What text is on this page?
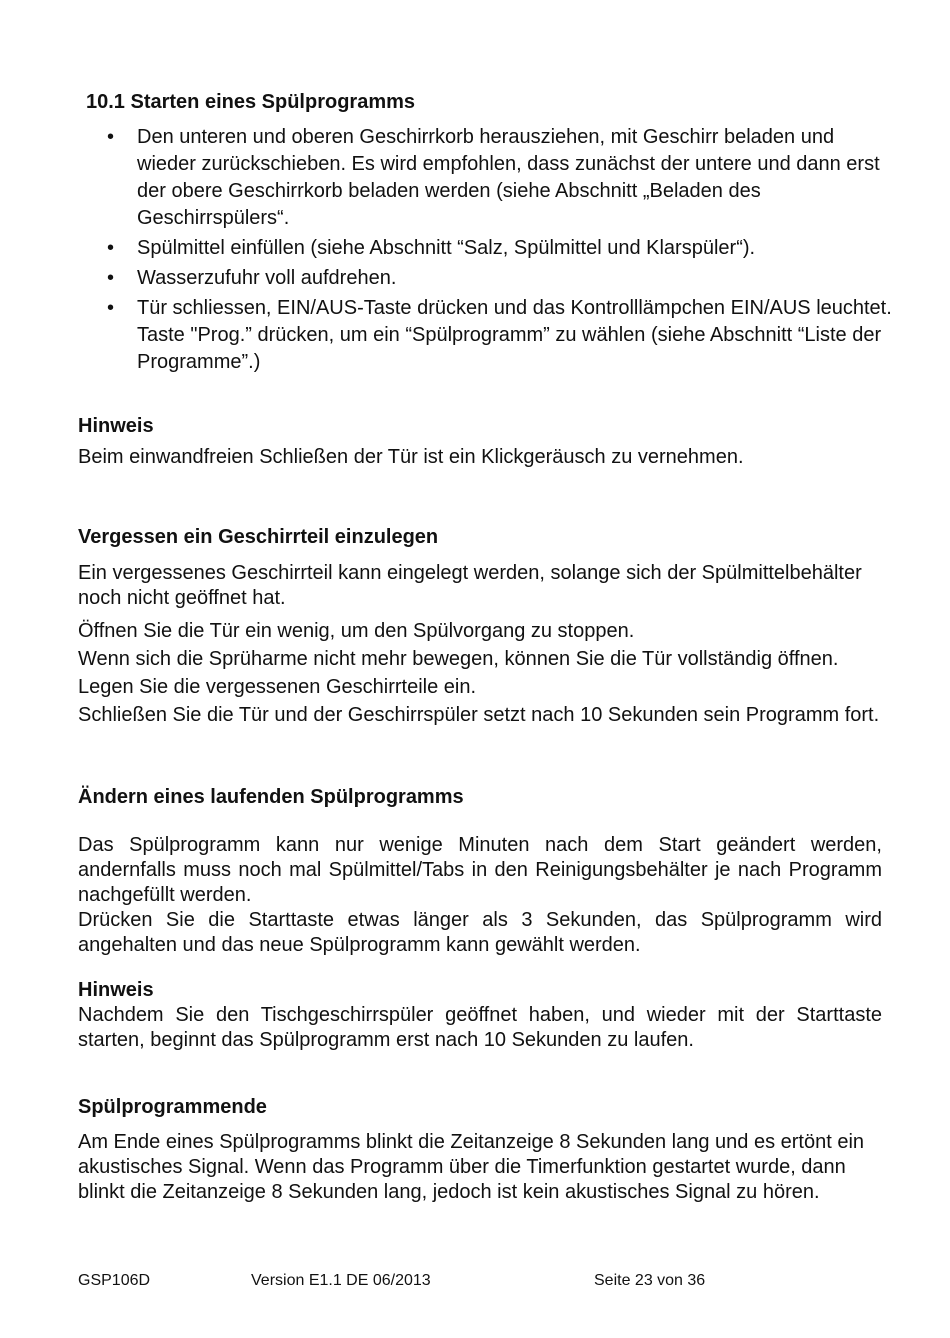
10.1 Starten eines Spülprogramms
• Den unteren und oberen Geschirrkorb herausziehen, mit Geschirr beladen und wieder zurückschieben. Es wird empfohlen, dass zunächst der untere und dann erst der obere Geschirrkorb beladen werden (siehe Abschnitt „Beladen des Geschirrspülers“.
• Spülmittel einfüllen (siehe Abschnitt “Salz, Spülmittel und Klarspüler“).
• Wasserzufuhr voll aufdrehen.
• Tür schliessen, EIN/AUS-Taste drücken und das Kontrolllämpchen EIN/AUS leuchtet. Taste "Prog.” drücken, um ein “Spülprogramm” zu wählen (siehe Abschnitt “Liste der Programme”.)
Hinweis
Beim einwandfreien Schließen der Tür ist ein Klickgeräusch zu vernehmen.
Vergessen ein Geschirrteil einzulegen

Ein vergessenes Geschirrteil kann eingelegt werden, solange sich der Spülmittelbehälter noch nicht geöffnet hat.

Öffnen Sie die Tür ein wenig, um den Spülvorgang zu stoppen.

Wenn sich die Sprüharme nicht mehr bewegen, können Sie die Tür vollständig öffnen.

Legen Sie die vergessenen Geschirrteile ein.

Schließen Sie die Tür und der Geschirrspüler setzt nach 10 Sekunden sein Programm fort.

Ändern eines laufenden Spülprogramms

Das Spülprogramm kann nur wenige Minuten nach dem Start geändert werden, andernfalls muss noch mal Spülmittel/Tabs in den Reinigungsbehälter je nach Programm nachgefüllt werden.

Drücken Sie die Starttaste etwas länger als 3 Sekunden, das Spülprogramm wird angehalten und das neue Spülprogramm kann gewählt werden.

Hinweis

Nachdem Sie den Tischgeschirrspüler geöffnet haben, und wieder mit der Starttaste starten, beginnt das Spülprogramm erst nach 10 Sekunden zu laufen.

Spülprogrammende

Am Ende eines Spülprogramms blinkt die Zeitanzeige 8 Sekunden lang und es ertönt ein akustisches Signal. Wenn das Programm über die Timerfunktion gestartet wurde, dann blinkt die Zeitanzeige 8 Sekunden lang, jedoch ist kein akustisches Signal zu hören.

GSP106D	Version E1.1 DE 06/2013	Seite 23 von 36
